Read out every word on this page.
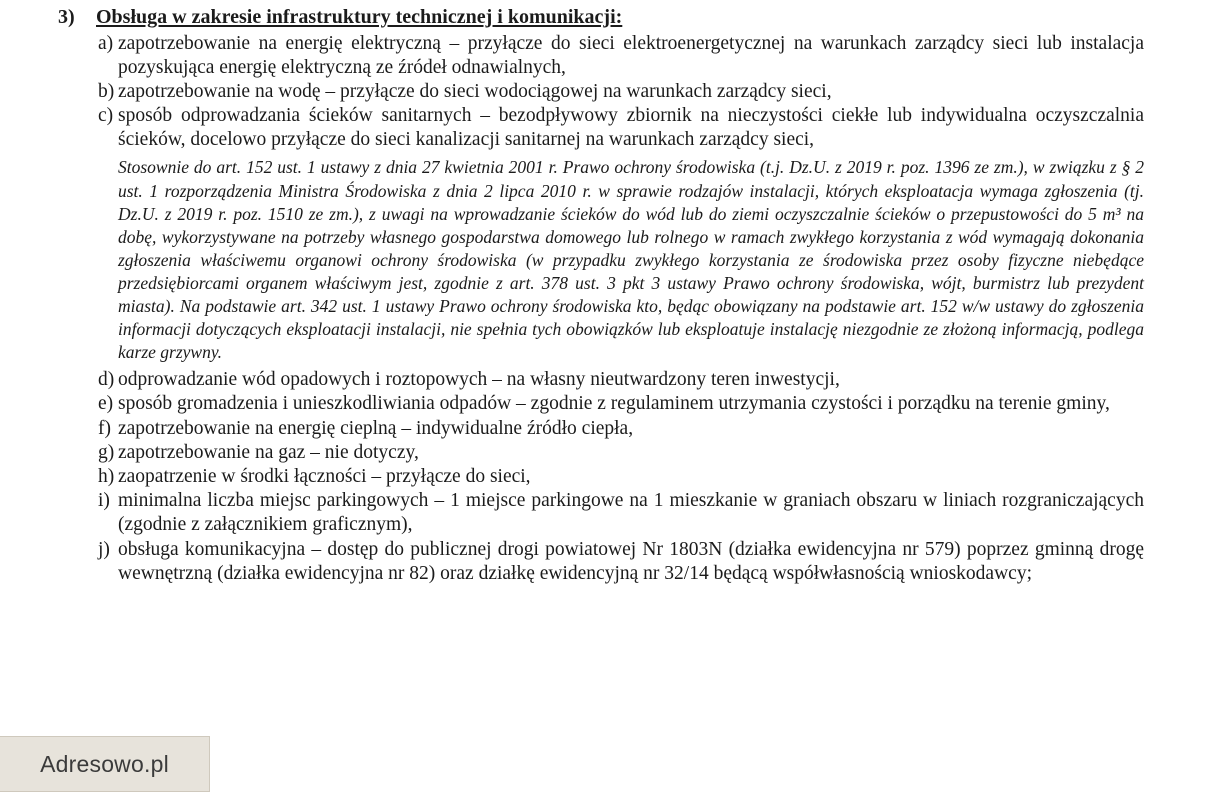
3)	Obsługa w zakresie infrastruktury technicznej i komunikacji:
a) zapotrzebowanie na energię elektryczną – przyłącze do sieci elektroenergetycznej na warunkach zarządcy sieci lub instalacja pozyskująca energię elektryczną ze źródeł odnawialnych,
b) zapotrzebowanie na wodę – przyłącze do sieci wodociągowej na warunkach zarządcy sieci,
c) sposób odprowadzania ścieków sanitarnych – bezodpływowy zbiornik na nieczystości ciekłe lub indywidualna oczyszczalnia ścieków, docelowo przyłącze do sieci kanalizacji sanitarnej na warunkach zarządcy sieci,
Stosownie do art. 152 ust. 1 ustawy z dnia 27 kwietnia 2001 r. Prawo ochrony środowiska (t.j. Dz.U. z 2019 r. poz. 1396 ze zm.), w związku z § 2 ust. 1 rozporządzenia Ministra Środowiska z dnia 2 lipca 2010 r. w sprawie rodzajów instalacji, których eksploatacja wymaga zgłoszenia (tj. Dz.U. z 2019 r. poz. 1510 ze zm.), z uwagi na wprowadzanie ścieków do wód lub do ziemi oczyszczalnie ścieków o przepustowości do 5 m³ na dobę, wykorzystywane na potrzeby własnego gospodarstwa domowego lub rolnego w ramach zwykłego korzystania z wód wymagają dokonania zgłoszenia właściwemu organowi ochrony środowiska (w przypadku zwykłego korzystania ze środowiska przez osoby fizyczne niebędące przedsiębiorcami organem właściwym jest, zgodnie z art. 378 ust. 3 pkt 3 ustawy Prawo ochrony środowiska, wójt, burmistrz lub prezydent miasta). Na podstawie art. 342 ust. 1 ustawy Prawo ochrony środowiska kto, będąc obowiązany na podstawie art. 152 w/w ustawy do zgłoszenia informacji dotyczących eksploatacji instalacji, nie spełnia tych obowiązków lub eksploatuje instalację niezgodnie ze złożoną informacją, podlega karze grzywny.
d) odprowadzanie wód opadowych i roztopowych – na własny nieutwardzony teren inwestycji,
e) sposób gromadzenia i unieszkodliwiania odpadów – zgodnie z regulaminem utrzymania czystości i porządku na terenie gminy,
f) zapotrzebowanie na energię cieplną – indywidualne źródło ciepła,
g) zapotrzebowanie na gaz – nie dotyczy,
h) zaopatrzenie w środki łączności – przyłącze do sieci,
i) minimalna liczba miejsc parkingowych – 1 miejsce parkingowe na 1 mieszkanie w graniach obszaru w liniach rozgraniczających (zgodnie z załącznikiem graficznym),
j) obsługa komunikacyjna – dostęp do publicznej drogi powiatowej Nr 1803N (działka ewidencyjna nr 579) poprzez gminną drogę wewnętrzną (działka ewidencyjna nr 82) oraz działkę ewidencyjną nr 32/14 będącą współwłasnością wnioskodawcy;
Adresowo.pl
